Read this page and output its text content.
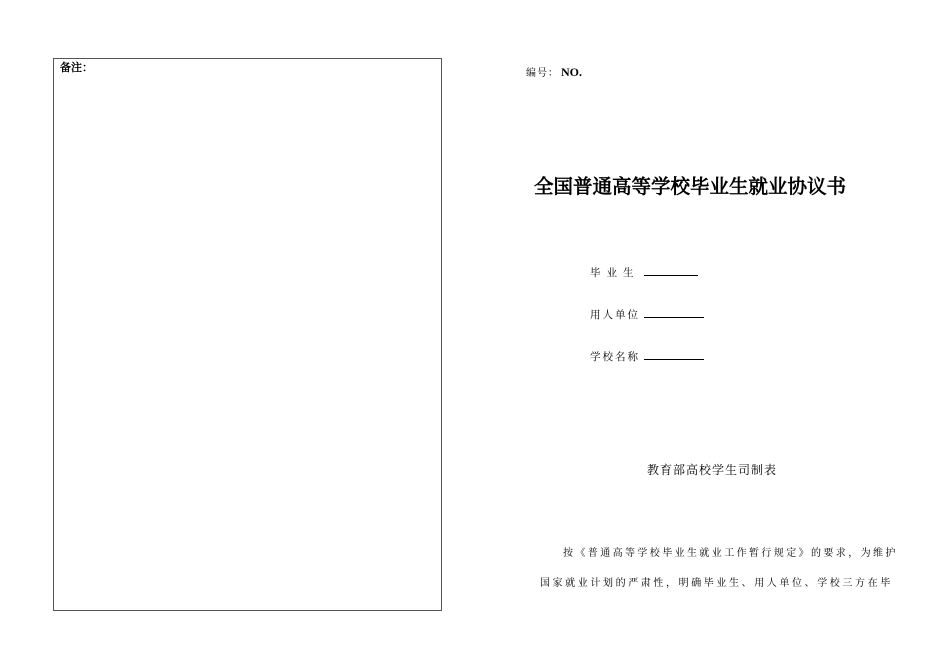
备注：	编号： NO.
全国普通高等学校毕业生就业协议书
毕业生
用人单位
学校名称
教育部高校学生司制表
按《普通高等学校毕业生就业工作暂行规定》的要求，为维护
国家就业计划的严肃性，明确毕业生、用人单位、学校三方在毕
